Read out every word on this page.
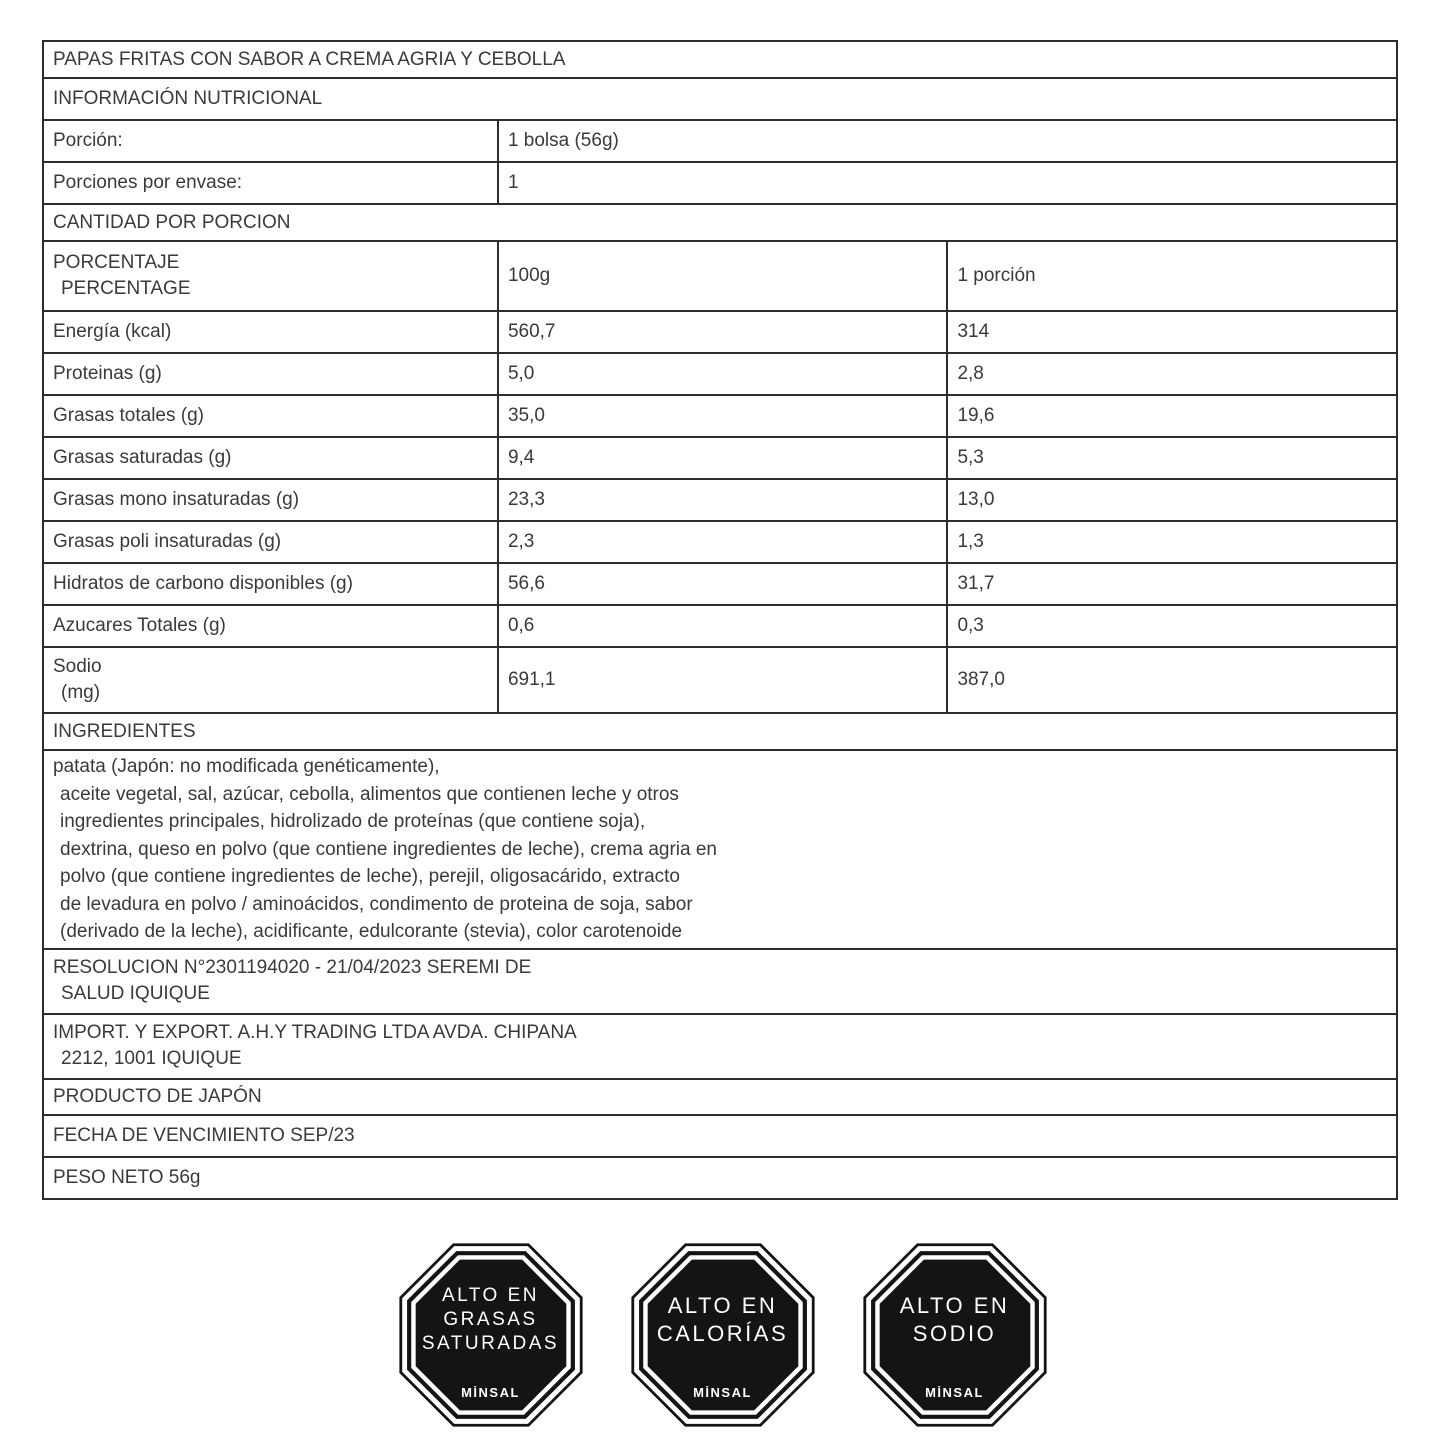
PAPAS FRITAS CON SABOR A CREMA AGRIA Y CEBOLLA		
INFORMACIÓN NUTRICIONAL		
Porción:	1 bolsa (56g)	
Porciones por envase:	1	
CANTIDAD POR PORCION		

PORCENTAJE
PERCENTAGE	100g	1 porción
Energía (kcal)	560,7	314
Proteinas (g)	5,0	2,8
Grasas totales (g)	35,0	19,6
Grasas saturadas (g)	9,4	5,3
Grasas mono insaturadas (g)	23,3	13,0
Grasas poli insaturadas (g)	2,3	1,3
Hidratos de carbono disponibles (g)	56,6	31,7
Azucares Totales (g)	0,6	0,3

Sodio
(mg)	691,1	387,0
INGREDIENTES		

patata (Japón: no modificada genéticamente),
aceite vegetal, sal, azúcar, cebolla, alimentos que contienen leche y otros
ingredientes principales, hidrolizado de proteínas (que contiene soja),
dextrina, queso en polvo (que contiene ingredientes de leche), crema agria en
polvo (que contiene ingredientes de leche), perejil, oligosacárido, extracto
de levadura en polvo / aminoácidos, condimento de proteina de soja, sabor
(derivado de la leche), acidificante, edulcorante (stevia), color carotenoide

RESOLUCION N°2301194020 - 21/04/2023 SEREMI DE
SALUD IQUIQUE		

IMPORT. Y EXPORT. A.H.Y TRADING LTDA AVDA. CHIPANA
2212, 1001 IQUIQUE		

PRODUCTO DE JAPÓN		
FECHA DE VENCIMIENTO SEP/23		
PESO NETO 56g		
ALTO EN
GRASAS
SATURADAS
MİNSAL
ALTO EN
CALORÍAS
MİNSAL
ALTO EN
SODIO
MİNSAL
